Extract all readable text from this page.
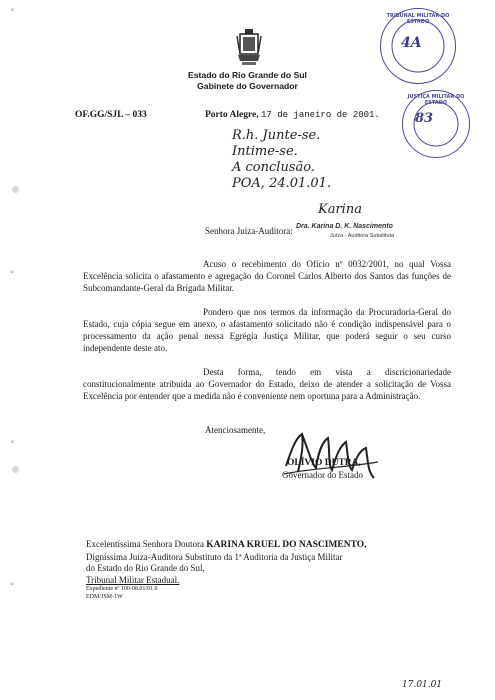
°
°
°
°
Estado do Rio Grande do Sul
Gabinete do Governador
TRIBUNAL MILITAR DO ESTADO
4A
JUSTIÇA MILITAR DO ESTADO
83
OF.GG/SJL – 033	Porto Alegre, 17 de janeiro de 2001.
R.h. Junte-se.
Intime-se.
A conclusão.
POA, 24.01.01.
Karina
Dra. Karina D. K. Nascimento
Juíza - Auditora Substituta
Senhora Juíza-Auditora:
Acuso o recebimento do Ofício nº 0032/2001, no qual Vossa Excelência solicita o afastamento e agregação do Coronel Carlos Alberto dos Santos das funções de Subcomandante-Geral da Brigada Militar.
Pondero que nos termos da informação da Procuradoria-Geral do Estado, cuja cópia segue em anexo, o afastamento solicitado não é condição indispensável para o processamento da ação penal nessa Egrégia Justiça Militar, que poderá seguir o seu curso independente deste ato.
Desta forma, tendo em vista a discricionariedade constitucionalmente atribuída ao Governador do Estado, deixo de atender a solicitação de Vossa Excelência por entender que a medida não é conveniente nem oportuna para a Administração.
Atenciosamente,
OLÍVIO DUTRA,
Governador do Estado
Excelentíssima Senhora Doutora KARINA KRUEL DO NASCIMENTO,
Digníssima Juíza-Auditora Substituto da 1ª Auditoria da Justiça Militar
do Estado do Rio Grande do Sul,
Tribunal Militar Estadual.
Expediente nº 100-08.01/01.0
EDM/JSM-1W
17.01.01
